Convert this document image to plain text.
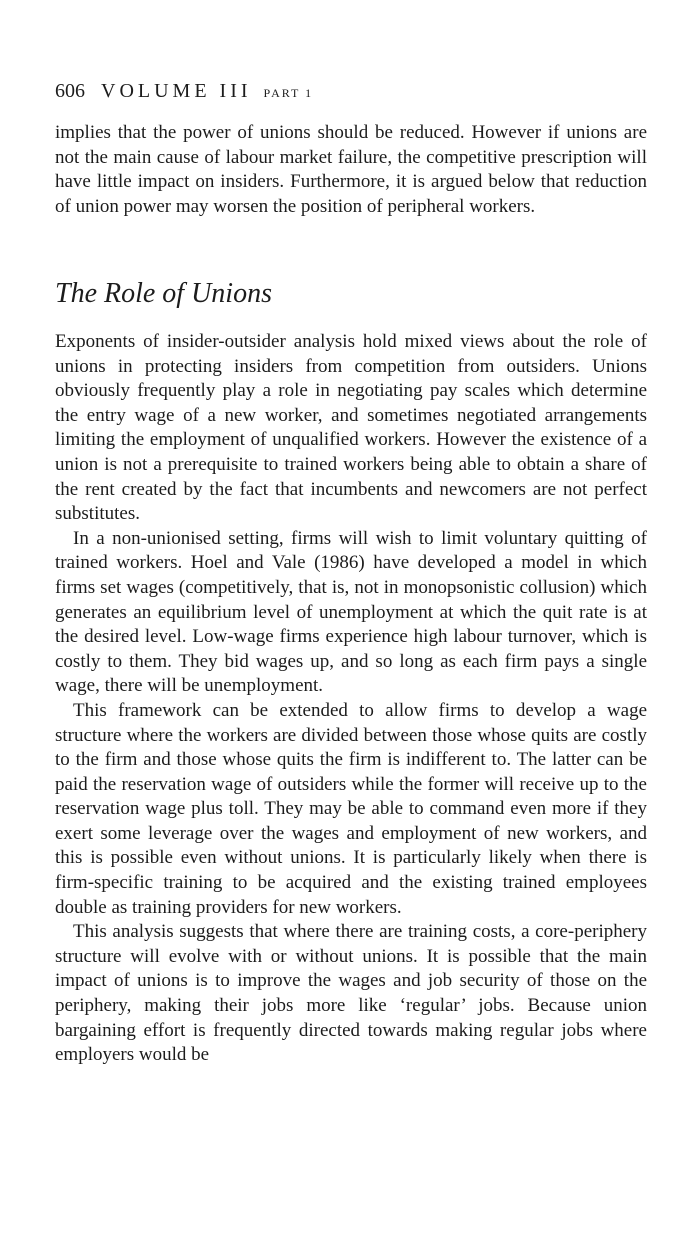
606 VOLUME III PART 1

implies that the power of unions should be reduced. However if unions are not the main cause of labour market failure, the competitive prescription will have little impact on insiders. Furthermore, it is argued below that reduction of union power may worsen the position of peripheral workers.

The Role of Unions

Exponents of insider-outsider analysis hold mixed views about the role of unions in protecting insiders from competition from outsiders. Unions obviously frequently play a role in negotiating pay scales which determine the entry wage of a new worker, and sometimes negotiated arrangements limiting the employment of unqualified workers. However the existence of a union is not a prerequisite to trained workers being able to obtain a share of the rent created by the fact that incumbents and newcomers are not perfect substitutes.

In a non-unionised setting, firms will wish to limit voluntary quitting of trained workers. Hoel and Vale (1986) have developed a model in which firms set wages (competitively, that is, not in monopsonistic collusion) which generates an equilibrium level of unemployment at which the quit rate is at the desired level. Low-wage firms experience high labour turnover, which is costly to them. They bid wages up, and so long as each firm pays a single wage, there will be unemployment.

This framework can be extended to allow firms to develop a wage structure where the workers are divided between those whose quits are costly to the firm and those whose quits the firm is indifferent to. The latter can be paid the reservation wage of outsiders while the former will receive up to the reservation wage plus toll. They may be able to command even more if they exert some leverage over the wages and employment of new workers, and this is possible even without unions. It is particularly likely when there is firm-specific training to be acquired and the existing trained employees double as training providers for new workers.

This analysis suggests that where there are training costs, a core-periphery structure will evolve with or without unions. It is possible that the main impact of unions is to improve the wages and job security of those on the periphery, making their jobs more like ‘regular’ jobs. Because union bargaining effort is frequently directed towards making regular jobs where employers would be
